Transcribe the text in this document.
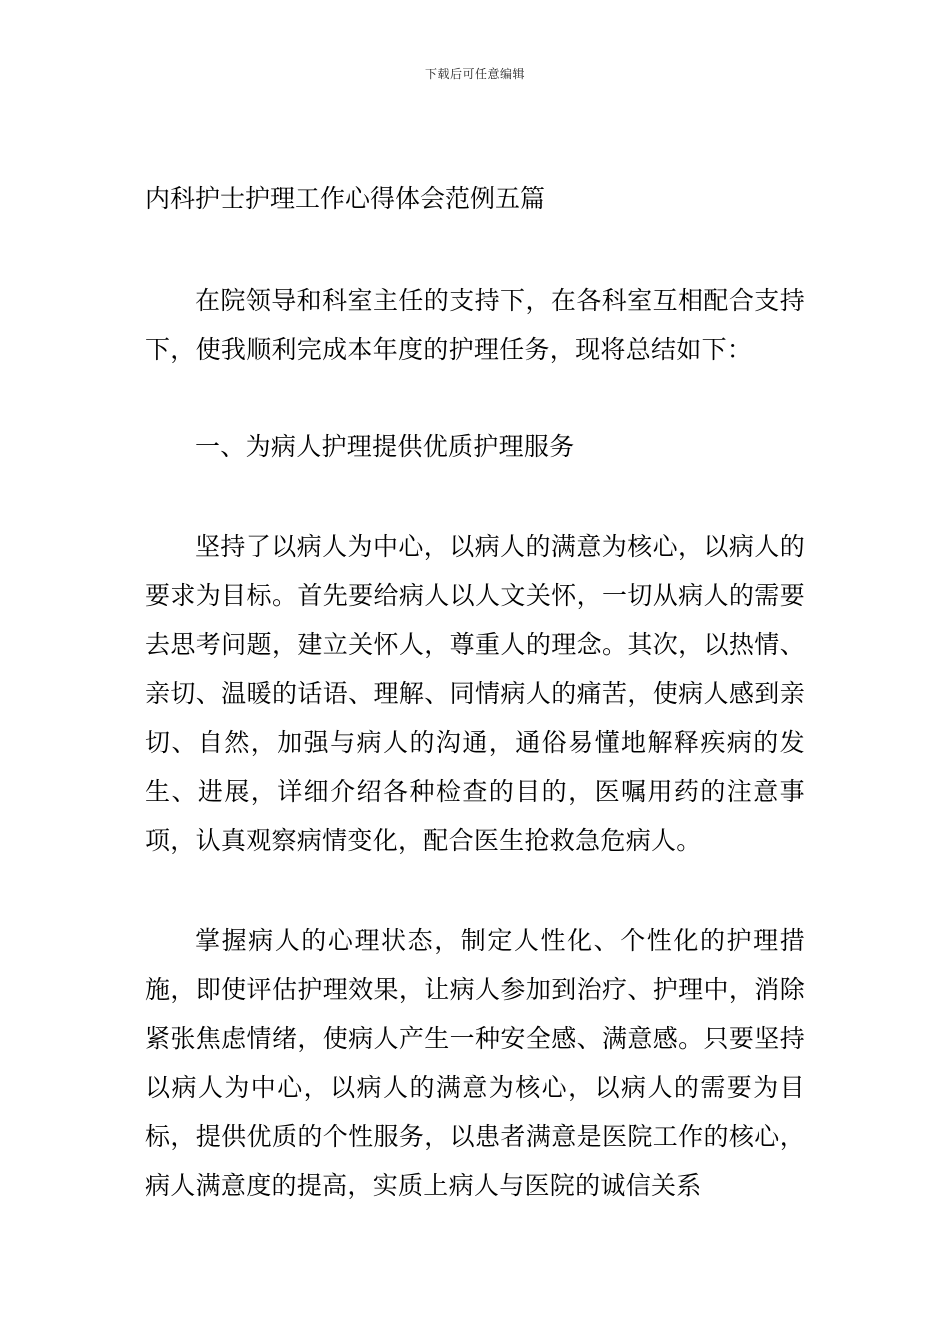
下载后可任意编辑
内科护士护理工作心得体会范例五篇

在院领导和科室主任的支持下，在各科室互相配合支持下，使我顺利完成本年度的护理任务，现将总结如下：

一、为病人护理提供优质护理服务

坚持了以病人为中心，以病人的满意为核心，以病人的要求为目标。首先要给病人以人文关怀，一切从病人的需要去思考问题，建立关怀人，尊重人的理念。其次，以热情、亲切、温暖的话语、理解、同情病人的痛苦，使病人感到亲切、自然，加强与病人的沟通，通俗易懂地解释疾病的发生、进展，详细介绍各种检查的目的，医嘱用药的注意事项，认真观察病情变化，配合医生抢救急危病人。

掌握病人的心理状态，制定人性化、个性化的护理措施，即使评估护理效果，让病人参加到治疗、护理中，消除紧张焦虑情绪，使病人产生一种安全感、满意感。只要坚持以病人为中心，以病人的满意为核心，以病人的需要为目标，提供优质的个性服务，以患者满意是医院工作的核心，病人满意度的提高，实质上病人与医院的诚信关系
